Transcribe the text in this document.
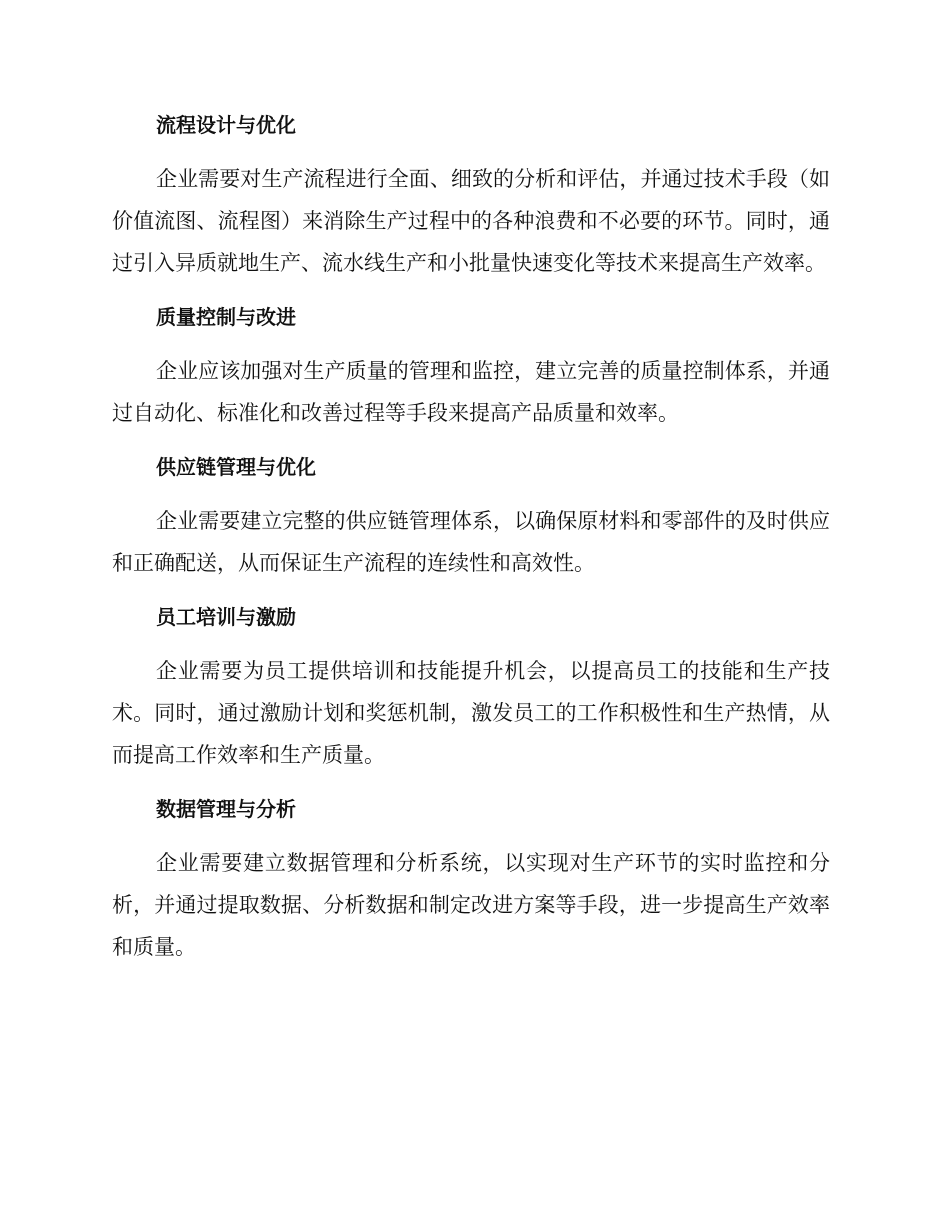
流程设计与优化

企业需要对生产流程进行全面、细致的分析和评估，并通过技术手段（如价值流图、流程图）来消除生产过程中的各种浪费和不必要的环节。同时，通过引入异质就地生产、流水线生产和小批量快速变化等技术来提高生产效率。

质量控制与改进

企业应该加强对生产质量的管理和监控，建立完善的质量控制体系，并通过自动化、标准化和改善过程等手段来提高产品质量和效率。

供应链管理与优化

企业需要建立完整的供应链管理体系，以确保原材料和零部件的及时供应和正确配送，从而保证生产流程的连续性和高效性。

员工培训与激励

企业需要为员工提供培训和技能提升机会，以提高员工的技能和生产技术。同时，通过激励计划和奖惩机制，激发员工的工作积极性和生产热情，从而提高工作效率和生产质量。

数据管理与分析

企业需要建立数据管理和分析系统，以实现对生产环节的实时监控和分析，并通过提取数据、分析数据和制定改进方案等手段，进一步提高生产效率和质量。
